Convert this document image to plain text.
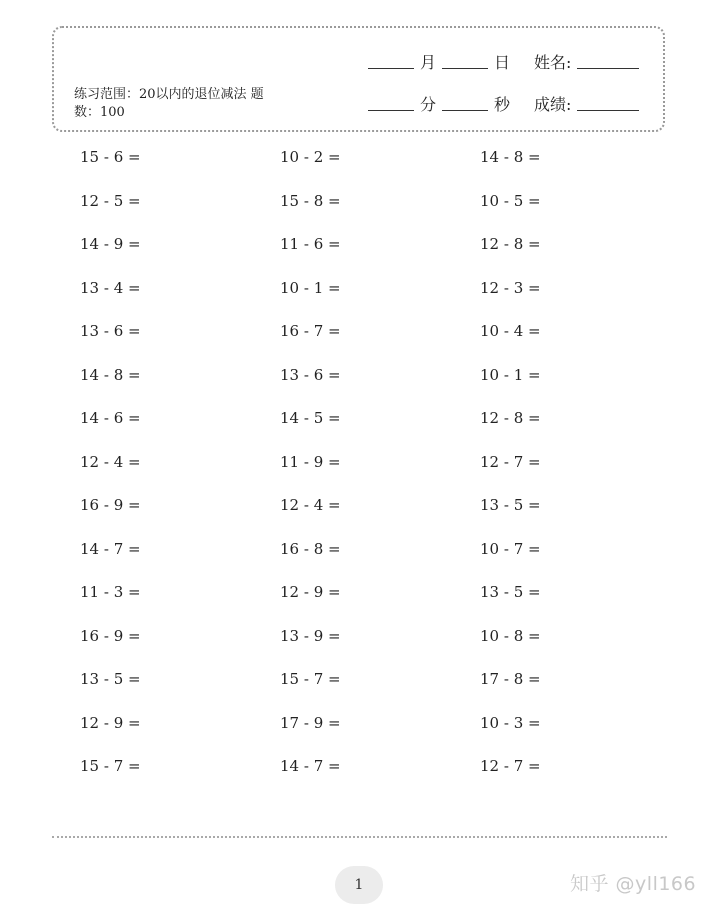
月	日 姓名:
练习范围：20以内的退位减法 题数：100	分	秒 成绩:
15 - 6 =	10 - 2 =	14 - 8 =
12 - 5 =	15 - 8 =	10 - 5 =
14 - 9 =	11 - 6 =	12 - 8 =
13 - 4 =	10 - 1 =	12 - 3 =
13 - 6 =	16 - 7 =	10 - 4 =
14 - 8 =	13 - 6 =	10 - 1 =
14 - 6 =	14 - 5 =	12 - 8 =
12 - 4 =	11 - 9 =	12 - 7 =
16 - 9 =	12 - 4 =	13 - 5 =
14 - 7 =	16 - 8 =	10 - 7 =
11 - 3 =	12 - 9 =	13 - 5 =
16 - 9 =	13 - 9 =	10 - 8 =
13 - 5 =	15 - 7 =	17 - 8 =
12 - 9 =	17 - 9 =	10 - 3 =
15 - 7 =	14 - 7 =	12 - 7 =
1	知乎 @yll166
